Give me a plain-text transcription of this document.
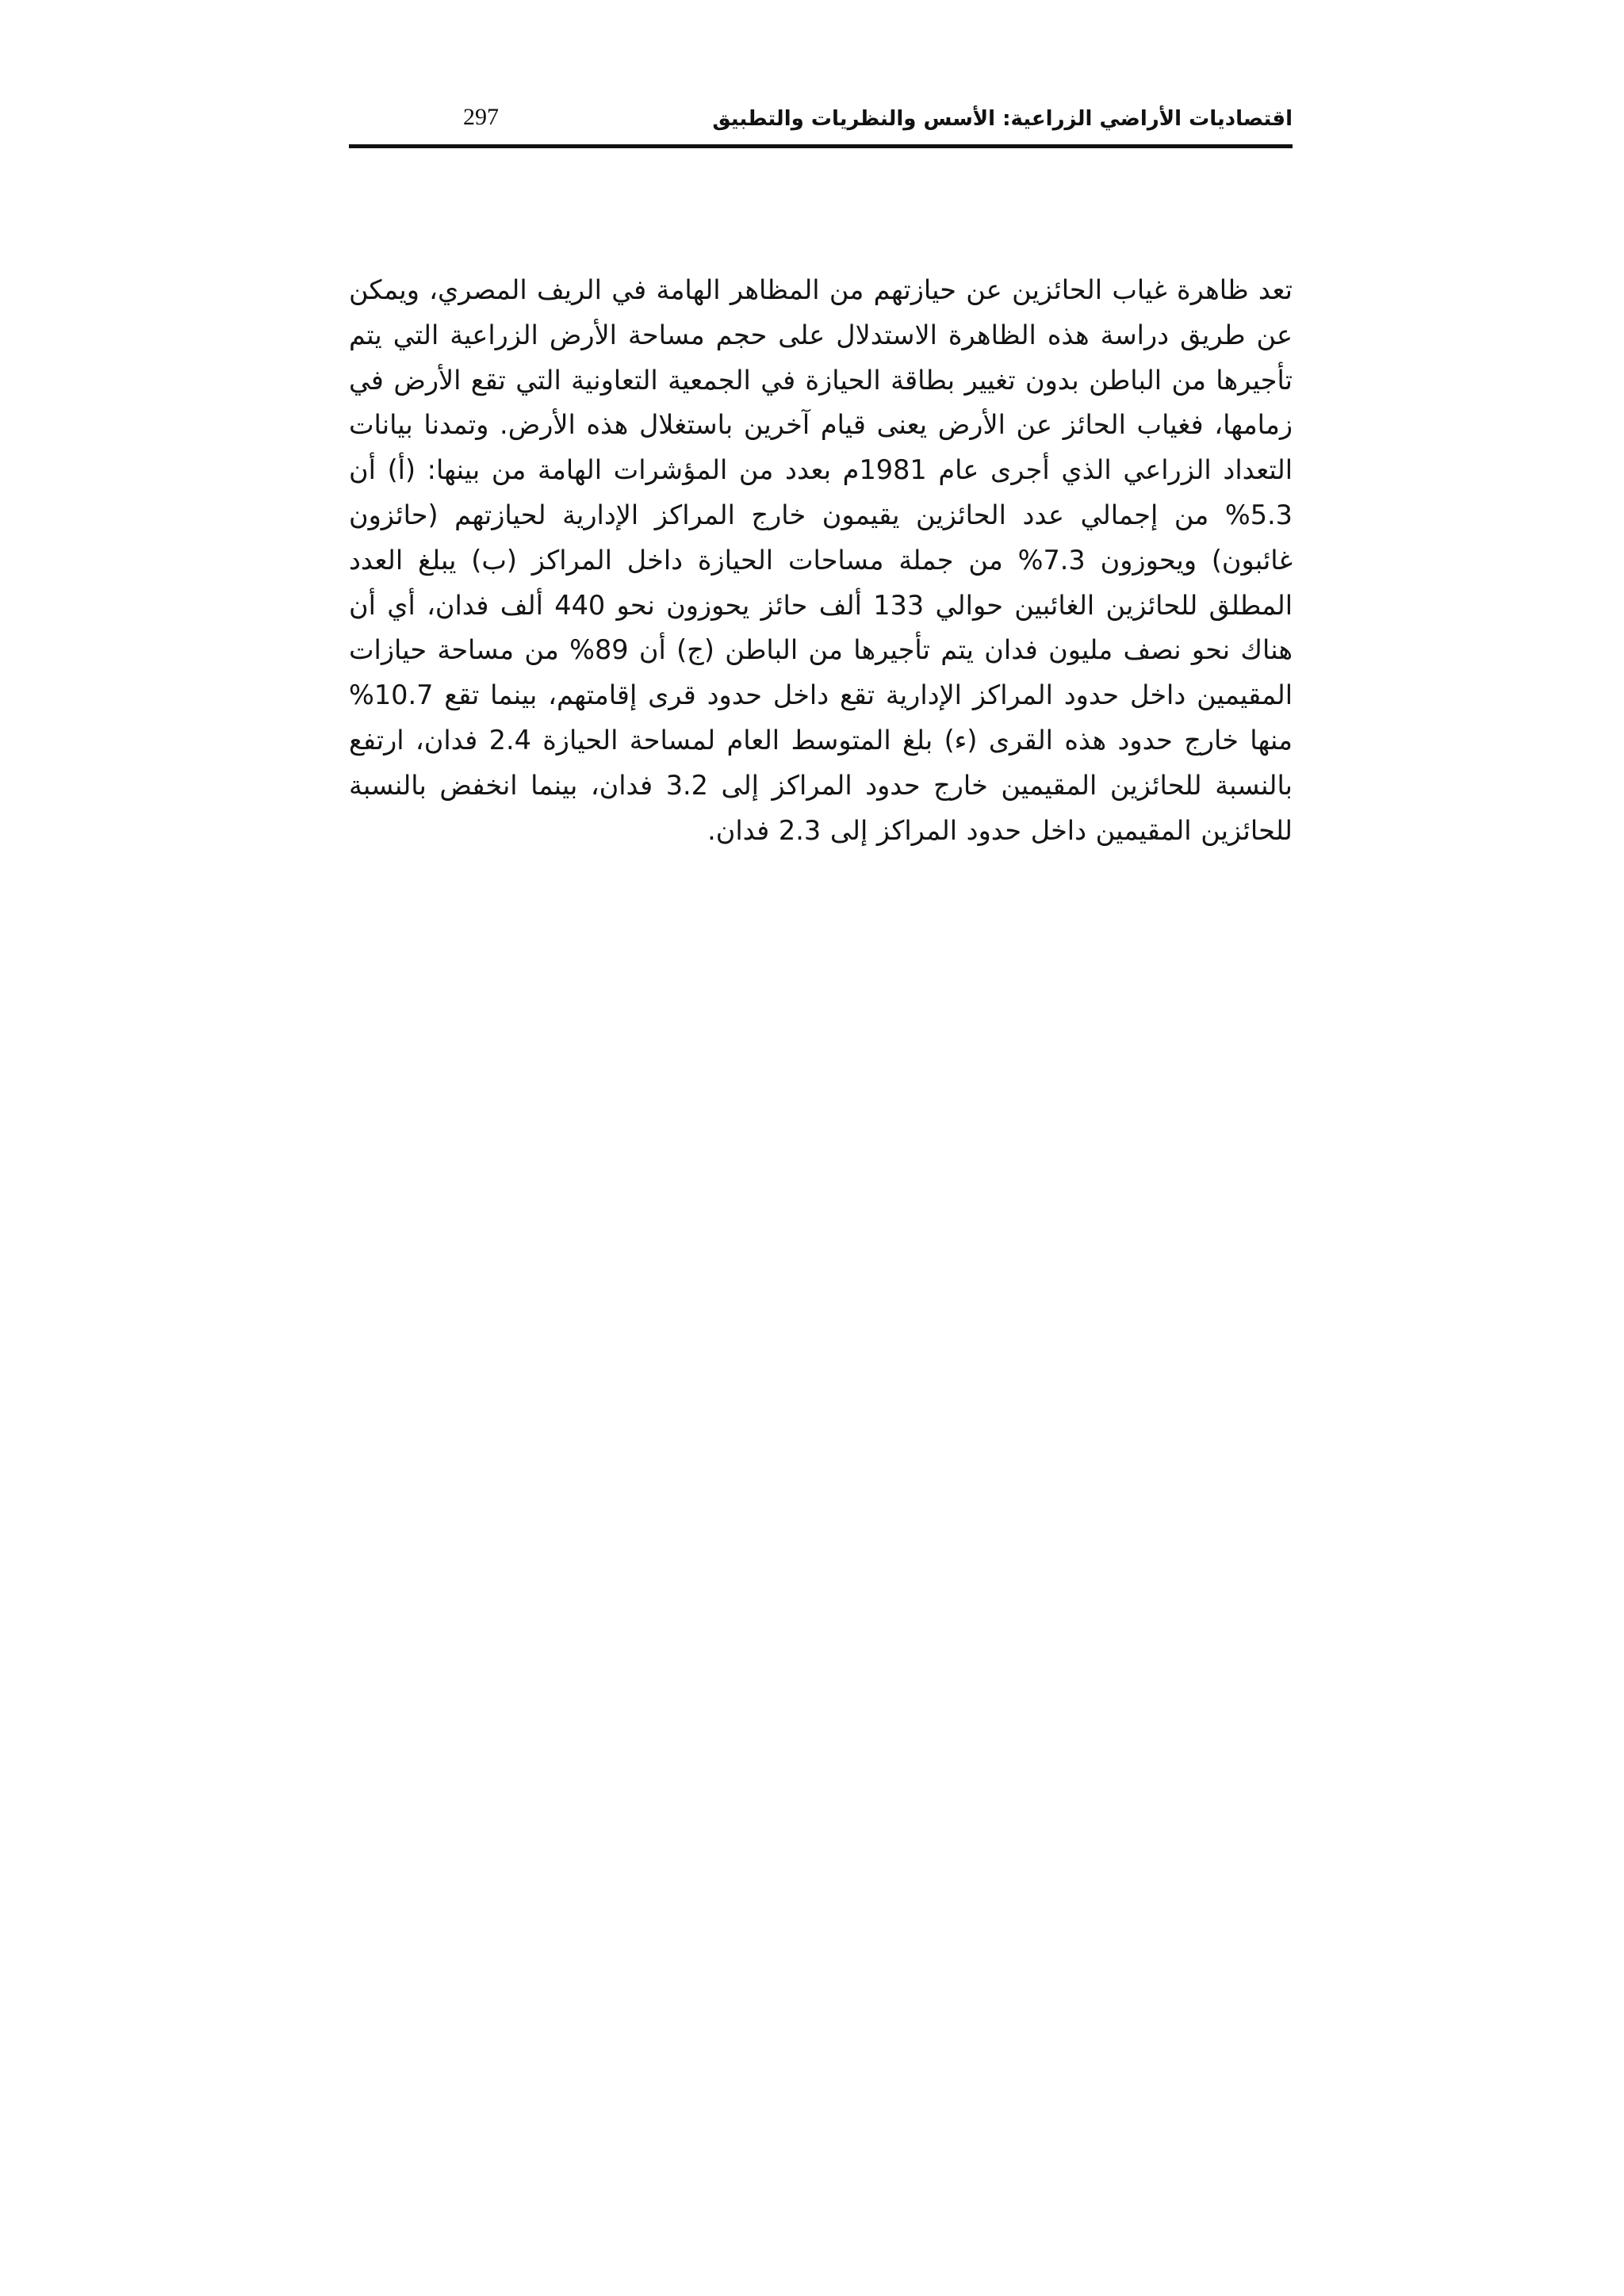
اقتصاديات الأراضي الزراعية: الأسس والنظريات والتطبيق
297

تعد ظاهرة غياب الحائزين عن حيازتهم من المظاهر الهامة في الريف المصري، ويمكن عن طريق دراسة هذه الظاهرة الاستدلال على حجم مساحة الأرض الزراعية التي يتم تأجيرها من الباطن بدون تغيير بطاقة الحيازة في الجمعية التعاونية التي تقع الأرض في زمامها، فغياب الحائز عن الأرض يعنى قيام آخرين باستغلال هذه الأرض. وتمدنا بيانات التعداد الزراعي الذي أجرى عام 1981م بعدد من المؤشرات الهامة من بينها: (أ) أن 5.3% من إجمالي عدد الحائزين يقيمون خارج المراكز الإدارية لحيازتهم (حائزون غائبون) ويحوزون 7.3% من جملة مساحات الحيازة داخل المراكز (ب) يبلغ العدد المطلق للحائزين الغائبين حوالي 133 ألف حائز يحوزون نحو 440 ألف فدان، أي أن هناك نحو نصف مليون فدان يتم تأجيرها من الباطن (ج) أن 89% من مساحة حيازات المقيمين داخل حدود المراكز الإدارية تقع داخل حدود قرى إقامتهم، بينما تقع 10.7% منها خارج حدود هذه القرى (ء) بلغ المتوسط العام لمساحة الحيازة 2.4 فدان، ارتفع بالنسبة للحائزين المقيمين خارج حدود المراكز إلى 3.2 فدان، بينما انخفض بالنسبة للحائزين المقيمين داخل حدود المراكز إلى 2.3 فدان.
